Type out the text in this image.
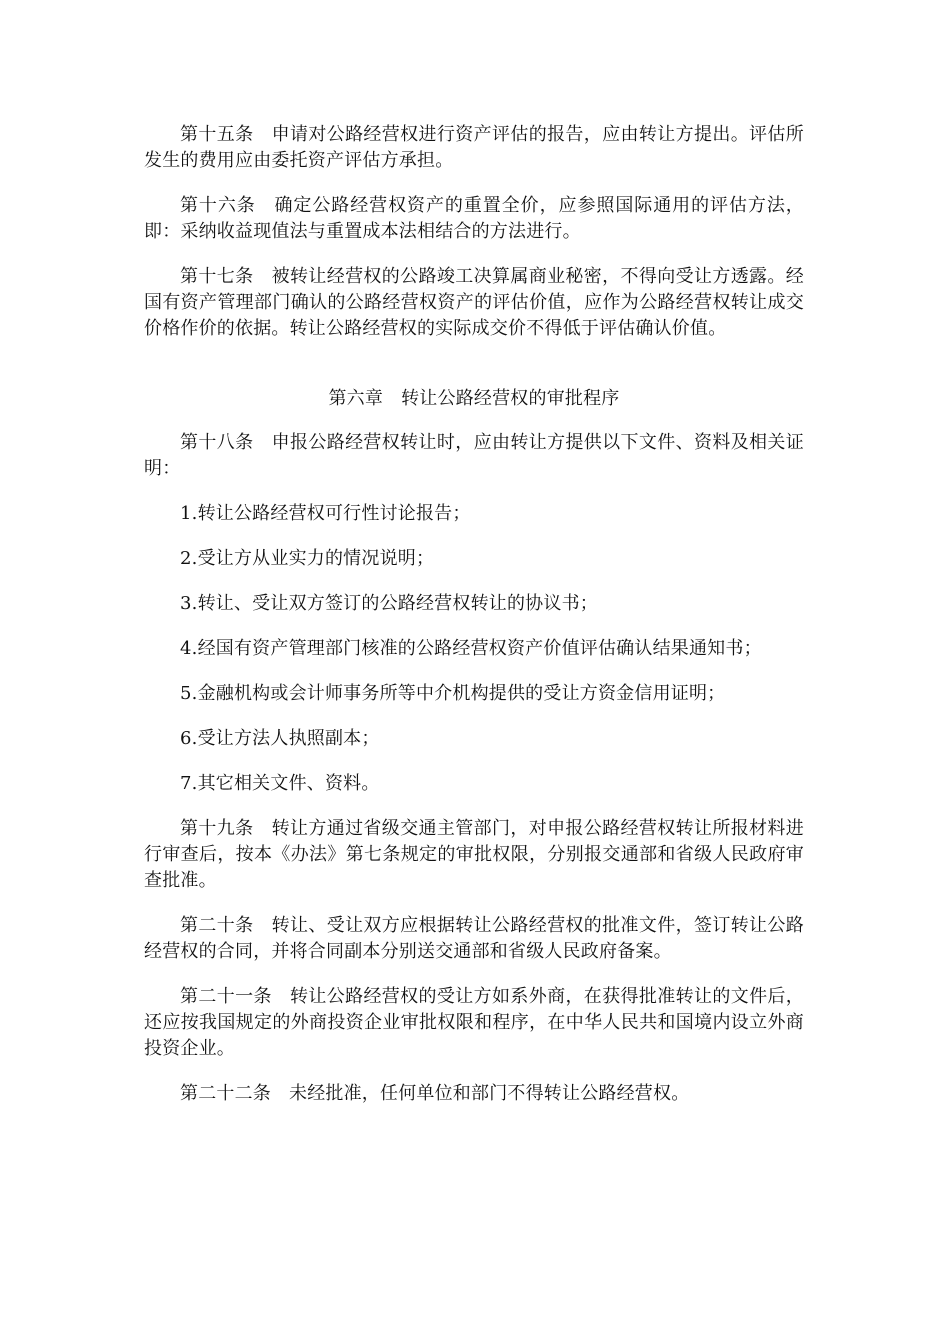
第十五条 申请对公路经营权进行资产评估的报告，应由转让方提出。评估所发生的费用应由委托资产评估方承担。

第十六条 确定公路经营权资产的重置全价，应参照国际通用的评估方法，即：采纳收益现值法与重置成本法相结合的方法进行。

第十七条 被转让经营权的公路竣工决算属商业秘密，不得向受让方透露。经国有资产管理部门确认的公路经营权资产的评估价值，应作为公路经营权转让成交价格作价的依据。转让公路经营权的实际成交价不得低于评估确认价值。

第六章 转让公路经营权的审批程序

第十八条 申报公路经营权转让时，应由转让方提供以下文件、资料及相关证明：

1.转让公路经营权可行性讨论报告；

2.受让方从业实力的情况说明；

3.转让、受让双方签订的公路经营权转让的协议书；

4.经国有资产管理部门核准的公路经营权资产价值评估确认结果通知书；

5.金融机构或会计师事务所等中介机构提供的受让方资金信用证明；

6.受让方法人执照副本；

7.其它相关文件、资料。

第十九条 转让方通过省级交通主管部门，对申报公路经营权转让所报材料进行审查后，按本《办法》第七条规定的审批权限，分别报交通部和省级人民政府审查批准。

第二十条 转让、受让双方应根据转让公路经营权的批准文件，签订转让公路经营权的合同，并将合同副本分别送交通部和省级人民政府备案。

第二十一条 转让公路经营权的受让方如系外商，在获得批准转让的文件后，还应按我国规定的外商投资企业审批权限和程序，在中华人民共和国境内设立外商投资企业。

第二十二条 未经批准，任何单位和部门不得转让公路经营权。
